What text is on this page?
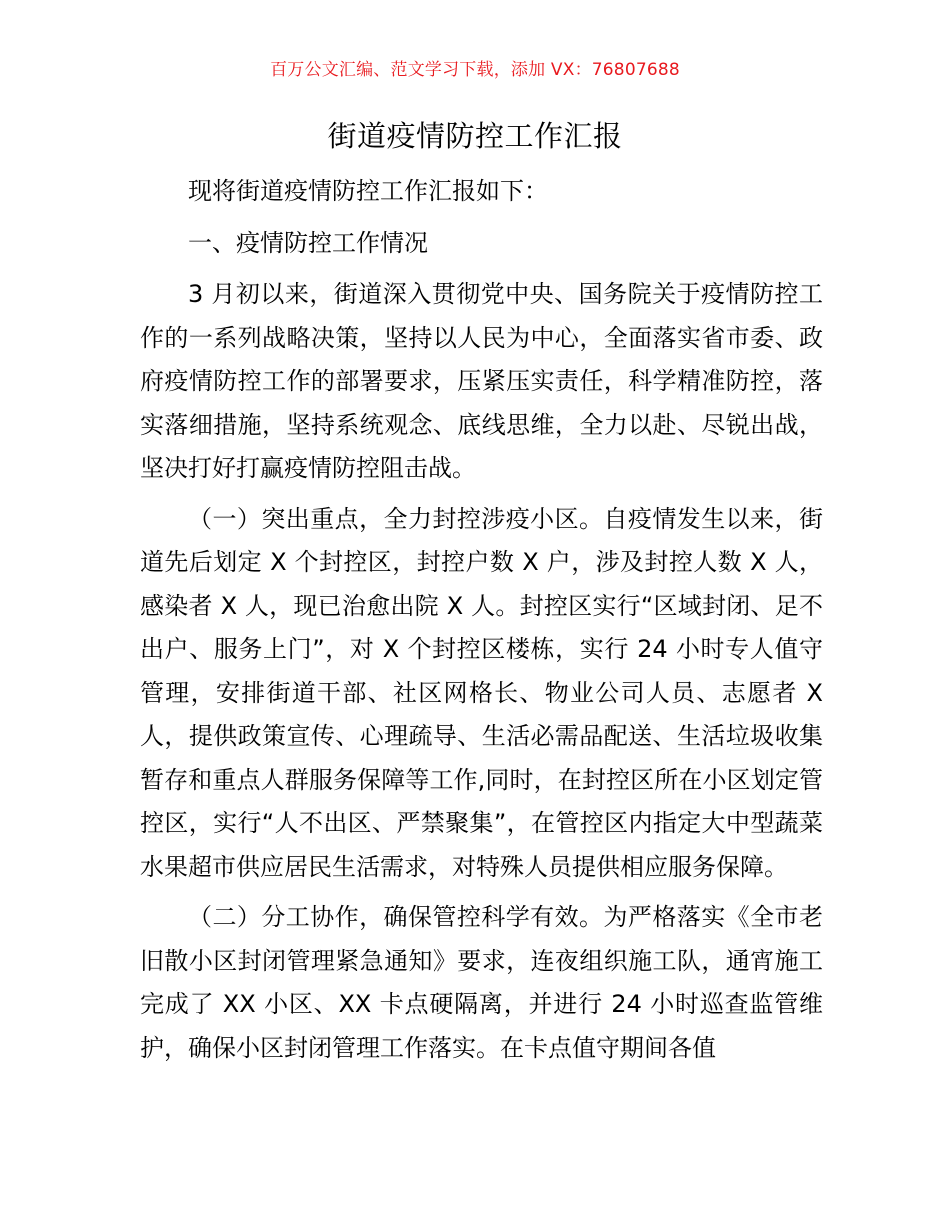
百万公文汇编、范文学习下载，添加 VX：76807688
街道疫情防控工作汇报

现将街道疫情防控工作汇报如下：

一、疫情防控工作情况

3 月初以来，街道深入贯彻党中央、国务院关于疫情防控工作的一系列战略决策，坚持以人民为中心，全面落实省市委、政府疫情防控工作的部署要求，压紧压实责任，科学精准防控，落实落细措施，坚持系统观念、底线思维，全力以赴、尽锐出战，坚决打好打赢疫情防控阻击战。

（一）突出重点，全力封控涉疫小区。自疫情发生以来，街道先后划定 X 个封控区，封控户数 X 户，涉及封控人数 X 人，感染者 X 人，现已治愈出院 X 人。封控区实行“区域封闭、足不出户、服务上门”，对 X 个封控区楼栋，实行 24 小时专人值守管理，安排街道干部、社区网格长、物业公司人员、志愿者 X 人，提供政策宣传、心理疏导、生活必需品配送、生活垃圾收集暂存和重点人群服务保障等工作,同时，在封控区所在小区划定管控区，实行“人不出区、严禁聚集”，在管控区内指定大中型蔬菜水果超市供应居民生活需求，对特殊人员提供相应服务保障。

（二）分工协作，确保管控科学有效。为严格落实《全市老旧散小区封闭管理紧急通知》要求，连夜组织施工队，通宵施工完成了 XX 小区、XX 卡点硬隔离，并进行 24 小时巡查监管维护，确保小区封闭管理工作落实。在卡点值守期间各值
